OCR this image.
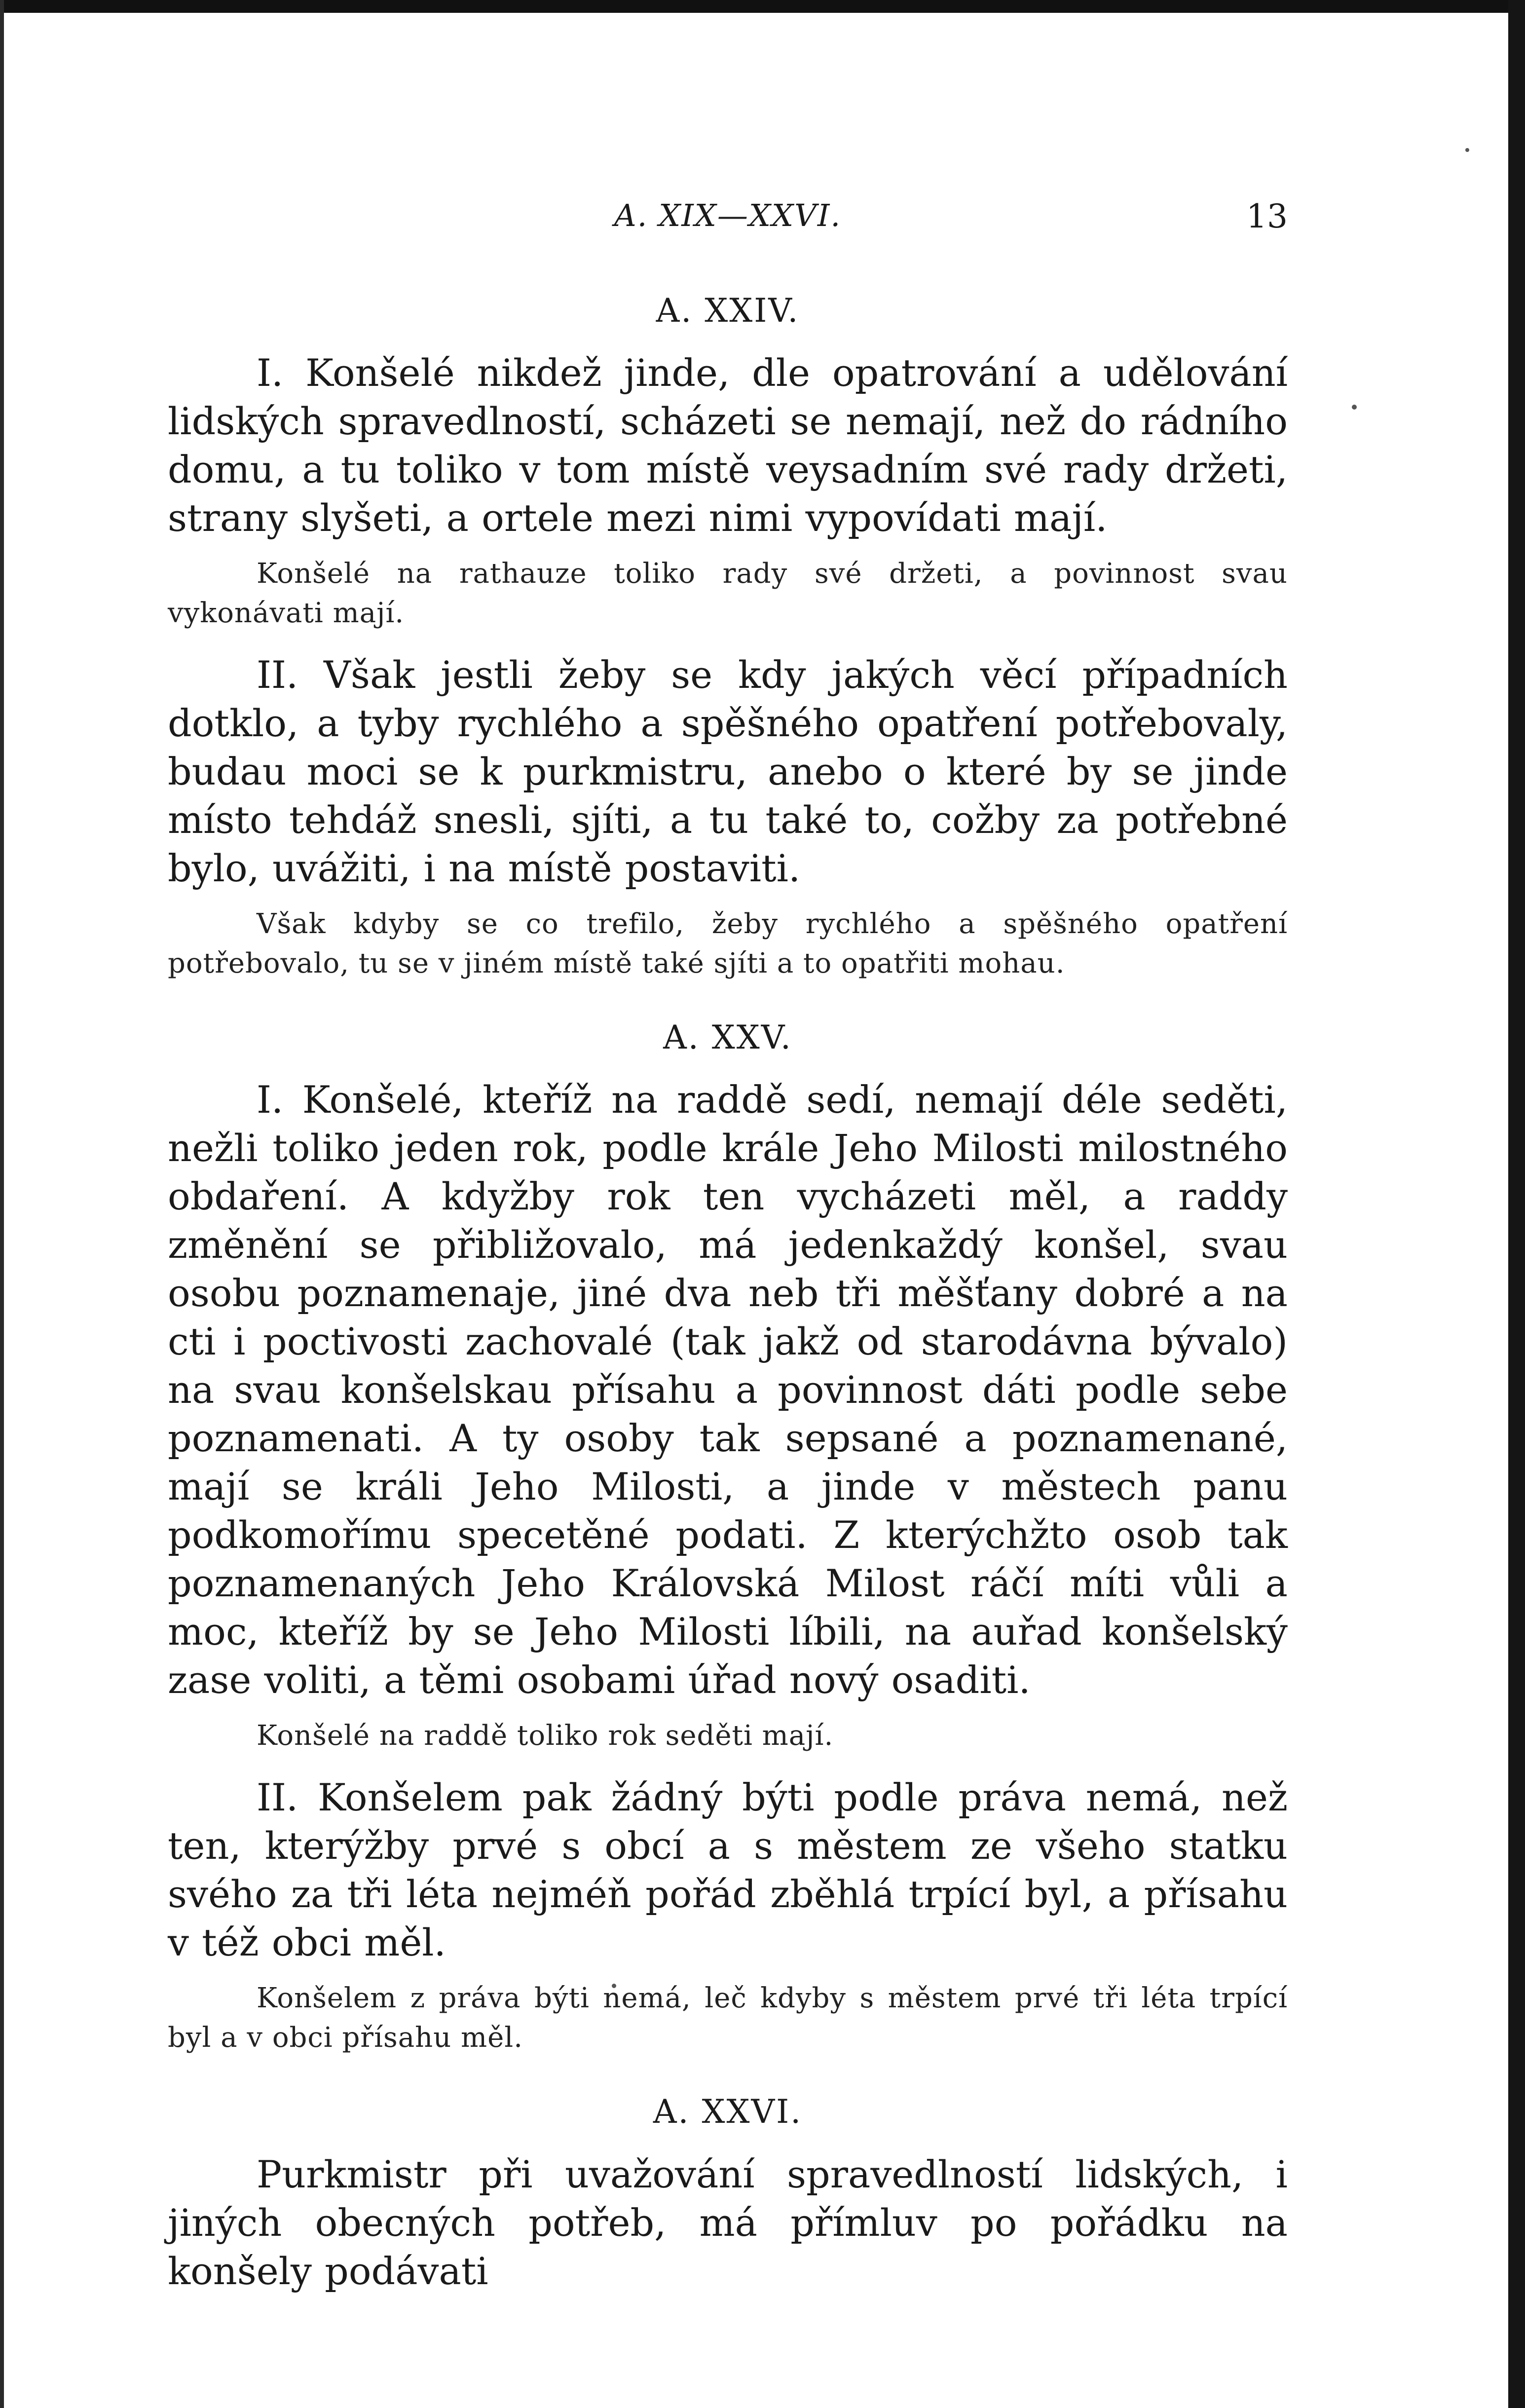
A. XIX—XXVI.	13
A. XXIV.

I. Konšelé nikdež jinde, dle opatrování a udělování lidských spravedlností, scházeti se nemají, než do rádního domu, a tu toliko v tom místě veysadním své rady držeti, strany slyšeti, a ortele mezi nimi vypovídati mají.

Konšelé na rathauze toliko rady své držeti, a povinnost svau vykonávati mají.

II. Však jestli žeby se kdy jakých věcí případních dotklo, a tyby rychlého a spěšného opatření potřebovaly, budau moci se k purkmistru, anebo o které by se jinde místo tehdáž snesli, sjíti, a tu také to, cožby za potřebné bylo, uvážiti, i na místě postaviti.

Však kdyby se co trefilo, žeby rychlého a spěšného opatření potřebovalo, tu se v jiném místě také sjíti a to opatřiti mohau.

A. XXV.

I. Konšelé, kteříž na raddě sedí, nemají déle seděti, nežli toliko jeden rok, podle krále Jeho Milosti milostného obdaření. A kdyžby rok ten vycházeti měl, a raddy změnění se přibližovalo, má jedenkaždý konšel, svau osobu poznamenaje, jiné dva neb tři měšťany dobré a na cti i poctivosti zachovalé (tak jakž od starodávna bývalo) na svau konšelskau přísahu a povinnost dáti podle sebe poznamenati. A ty osoby tak sepsané a poznamenané, mají se králi Jeho Milosti, a jinde v městech panu podkomořímu specetěné podati. Z kterýchžto osob tak poznamenaných Jeho Královská Milost ráčí míti vůli a moc, kteříž by se Jeho Milosti líbili, na auřad konšelský zase voliti, a těmi osobami úřad nový osaditi.

Konšelé na raddě toliko rok seděti mají.

II. Konšelem pak žádný býti podle práva nemá, než ten, kterýžby prvé s obcí a s městem ze všeho statku svého za tři léta nejméň pořád zběhlá trpící byl, a přísahu v též obci měl.

Konšelem z práva býti nemá, leč kdyby s městem prvé tři léta trpící byl a v obci přísahu měl.

A. XXVI.

Purkmistr při uvažování spravedlností lidských, i jiných obecných potřeb, má přímluv po pořádku na konšely podávati
